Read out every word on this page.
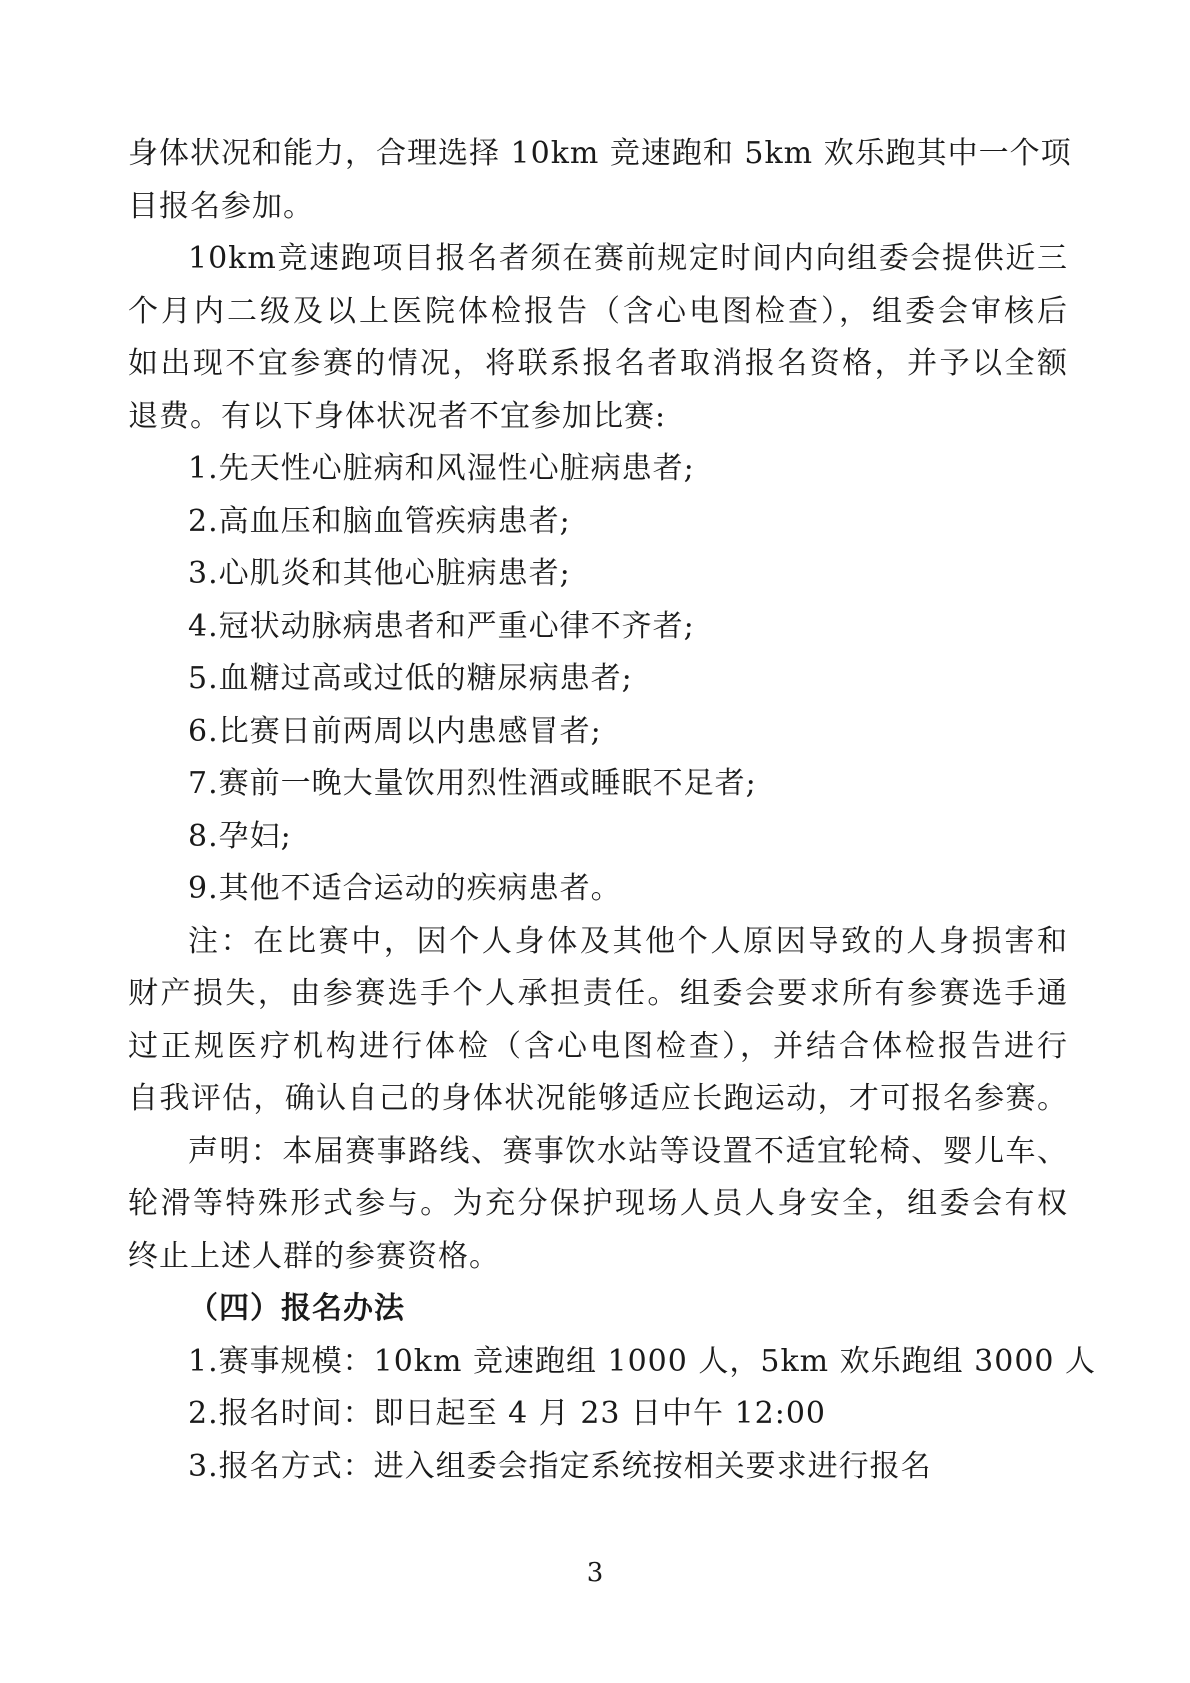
身体状况和能力，合理选择 10km 竞速跑和 5km 欢乐跑其中一个项
目报名参加。
10km竞速跑项目报名者须在赛前规定时间内向组委会提供近三
个月内二级及以上医院体检报告（含心电图检查），组委会审核后
如出现不宜参赛的情况，将联系报名者取消报名资格，并予以全额
退费。有以下身体状况者不宜参加比赛:
1.先天性心脏病和风湿性心脏病患者;
2.高血压和脑血管疾病患者;
3.心肌炎和其他心脏病患者;
4.冠状动脉病患者和严重心律不齐者;
5.血糖过高或过低的糖尿病患者;
6.比赛日前两周以内患感冒者;
7.赛前一晚大量饮用烈性酒或睡眠不足者;
8.孕妇;
9.其他不适合运动的疾病患者。
注：在比赛中，因个人身体及其他个人原因导致的人身损害和
财产损失，由参赛选手个人承担责任。组委会要求所有参赛选手通
过正规医疗机构进行体检（含心电图检查），并结合体检报告进行
自我评估，确认自己的身体状况能够适应长跑运动，才可报名参赛。
声明：本届赛事路线、赛事饮水站等设置不适宜轮椅、婴儿车、
轮滑等特殊形式参与。为充分保护现场人员人身安全，组委会有权
终止上述人群的参赛资格。
（四）报名办法
1.赛事规模：10km 竞速跑组 1000 人，5km 欢乐跑组 3000 人
2.报名时间：即日起至 4 月 23 日中午 12:00
3.报名方式：进入组委会指定系统按相关要求进行报名
3
